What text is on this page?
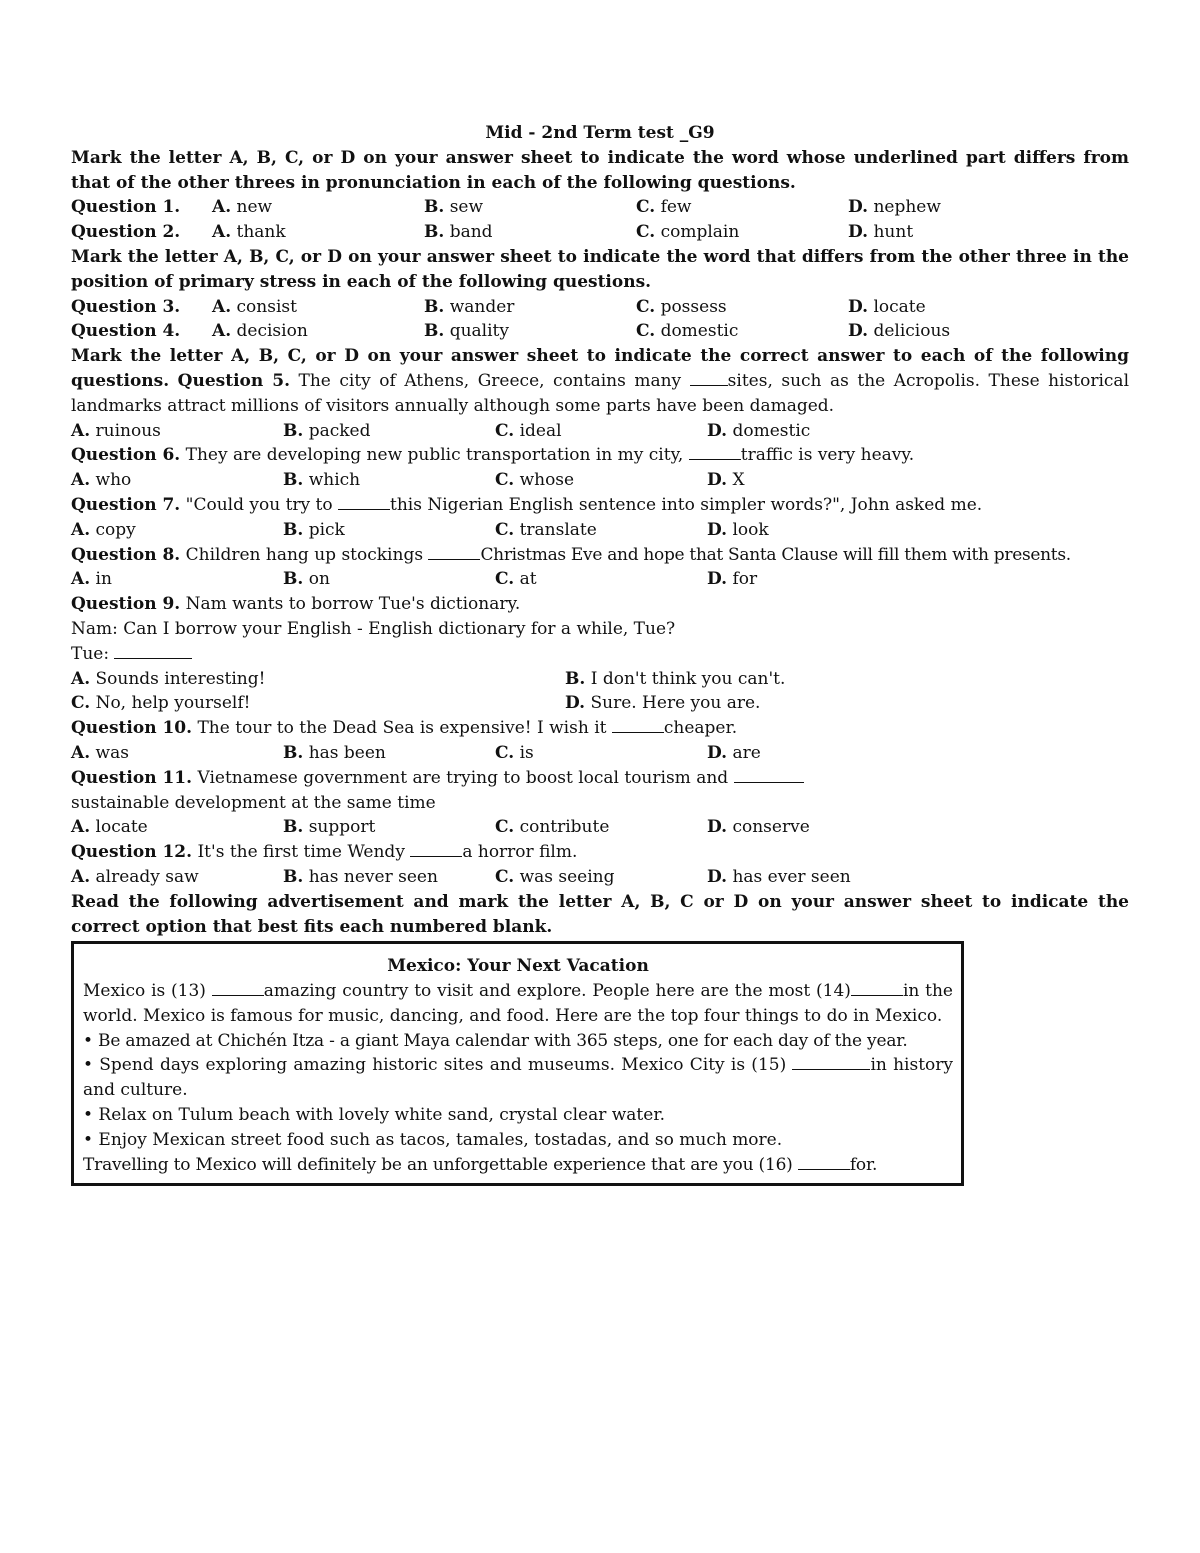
Mid - 2nd Term test _G9
Mark the letter A, B, C, or D on your answer sheet to indicate the word whose underlined part differs from that of the other threes in pronunciation in each of the following questions.
Question 1.	A. new	B. sew	C. few	D. nephew
Question 2.	A. thank	B. band	C. complain	D. hunt
Mark the letter A, B, C, or D on your answer sheet to indicate the word that differs from the other three in the position of primary stress in each of the following questions.
Question 3.	A. consist	B. wander	C. possess	D. locate
Question 4.	A. decision	B. quality	C. domestic	D. delicious
Mark the letter A, B, C, or D on your answer sheet to indicate the correct answer to each of the following questions. Question 5. The city of Athens, Greece, contains many	sites, such as the Acropolis. These historical landmarks attract millions of visitors annually although some parts have been damaged.
A. ruinous	B. packed	C. ideal	D. domestic
Question 6. They are developing new public transportation in my city,	traffic is very heavy.
A. who	B. which	C. whose	D. X
Question 7. "Could you try to	this Nigerian English sentence into simpler words?", John asked me.
A. copy	B. pick	C. translate	D. look
Question 8. Children hang up stockings	Christmas Eve and hope that Santa Clause will fill them with presents.
A. in	B. on	C. at	D. for
Question 9. Nam wants to borrow Tue's dictionary.
Nam: Can I borrow your English - English dictionary for a while, Tue?
Tue:
A. Sounds interesting!	B. I don't think you can't.
C. No, help yourself!	D. Sure. Here you are.
Question 10. The tour to the Dead Sea is expensive! I wish it	cheaper.
A. was	B. has been	C. is	D. are
Question 11. Vietnamese government are trying to boost local tourism and
sustainable development at the same time
A. locate	B. support	C. contribute	D. conserve
Question 12. It's the first time Wendy	a horror film.
A. already saw	B. has never seen	C. was seeing	D. has ever seen
Read the following advertisement and mark the letter A, B, C or D on your answer sheet to indicate the correct option that best fits each numbered blank.
Mexico: Your Next Vacation
Mexico is (13)	amazing country to visit and explore. People here are the most (14)	in the world. Mexico is famous for music, dancing, and food. Here are the top four things to do in Mexico.
• Be amazed at Chichén Itza - a giant Maya calendar with 365 steps, one for each day of the year.
• Spend days exploring amazing historic sites and museums. Mexico City is (15)	in history and culture.
• Relax on Tulum beach with lovely white sand, crystal clear water.
• Enjoy Mexican street food such as tacos, tamales, tostadas, and so much more.
Travelling to Mexico will definitely be an unforgettable experience that are you (16)	for.
